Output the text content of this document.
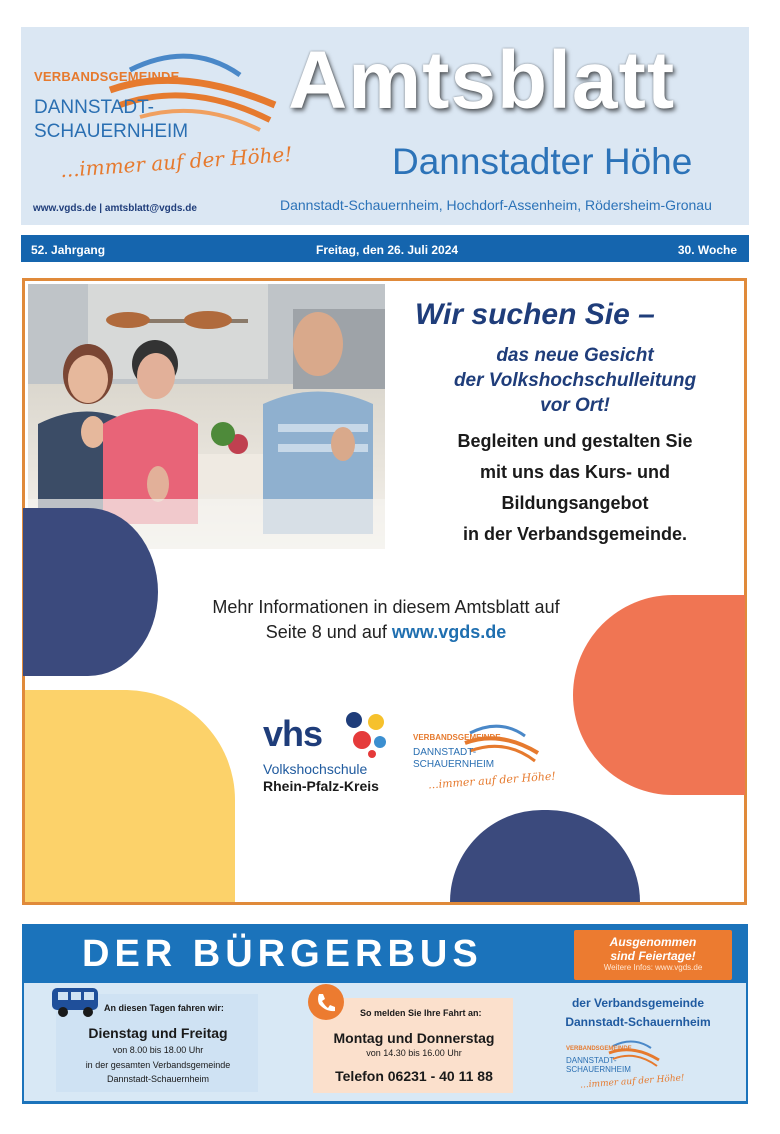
VERBANDSGEMEINDE
DANNSTADT-
SCHAUERNHEIM
...immer auf der Höhe!
www.vgds.de | amtsblatt@vgds.de
Amtsblatt
Dannstadter Höhe
Dannstadt-Schauernheim, Hochdorf-Assenheim, Rödersheim-Gronau
52. Jahrgang	Freitag, den 26. Juli 2024	30. Woche
Wir suchen Sie –
das neue Gesicht
der Volkshochschulleitung
vor Ort!
Begleiten und gestalten Sie
mit uns das Kurs- und
Bildungsangebot
in der Verbandsgemeinde.
Mehr Informationen in diesem Amtsblatt auf
Seite 8 und auf www.vgds.de
vhs
Volkshochschule
Rhein-Pfalz-Kreis
VERBANDSGEMEINDE
DANNSTADT-
SCHAUERNHEIM
...immer auf der Höhe!
DER BÜRGERBUS	Ausgenommen
sind Feiertage!
Weitere Infos: www.vgds.de
An diesen Tagen fahren wir:
Dienstag und Freitag
von 8.00 bis 18.00 Uhr
in der gesamten Verbandsgemeinde
Dannstadt-Schauernheim
So melden Sie Ihre Fahrt an:
Montag und Donnerstag
von 14.30 bis 16.00 Uhr
Telefon 06231 - 40 11 88
der Verbandsgemeinde
Dannstadt-Schauernheim
VERBANDSGEMEINDE
DANNSTADT-
SCHAUERNHEIM
...immer auf der Höhe!
